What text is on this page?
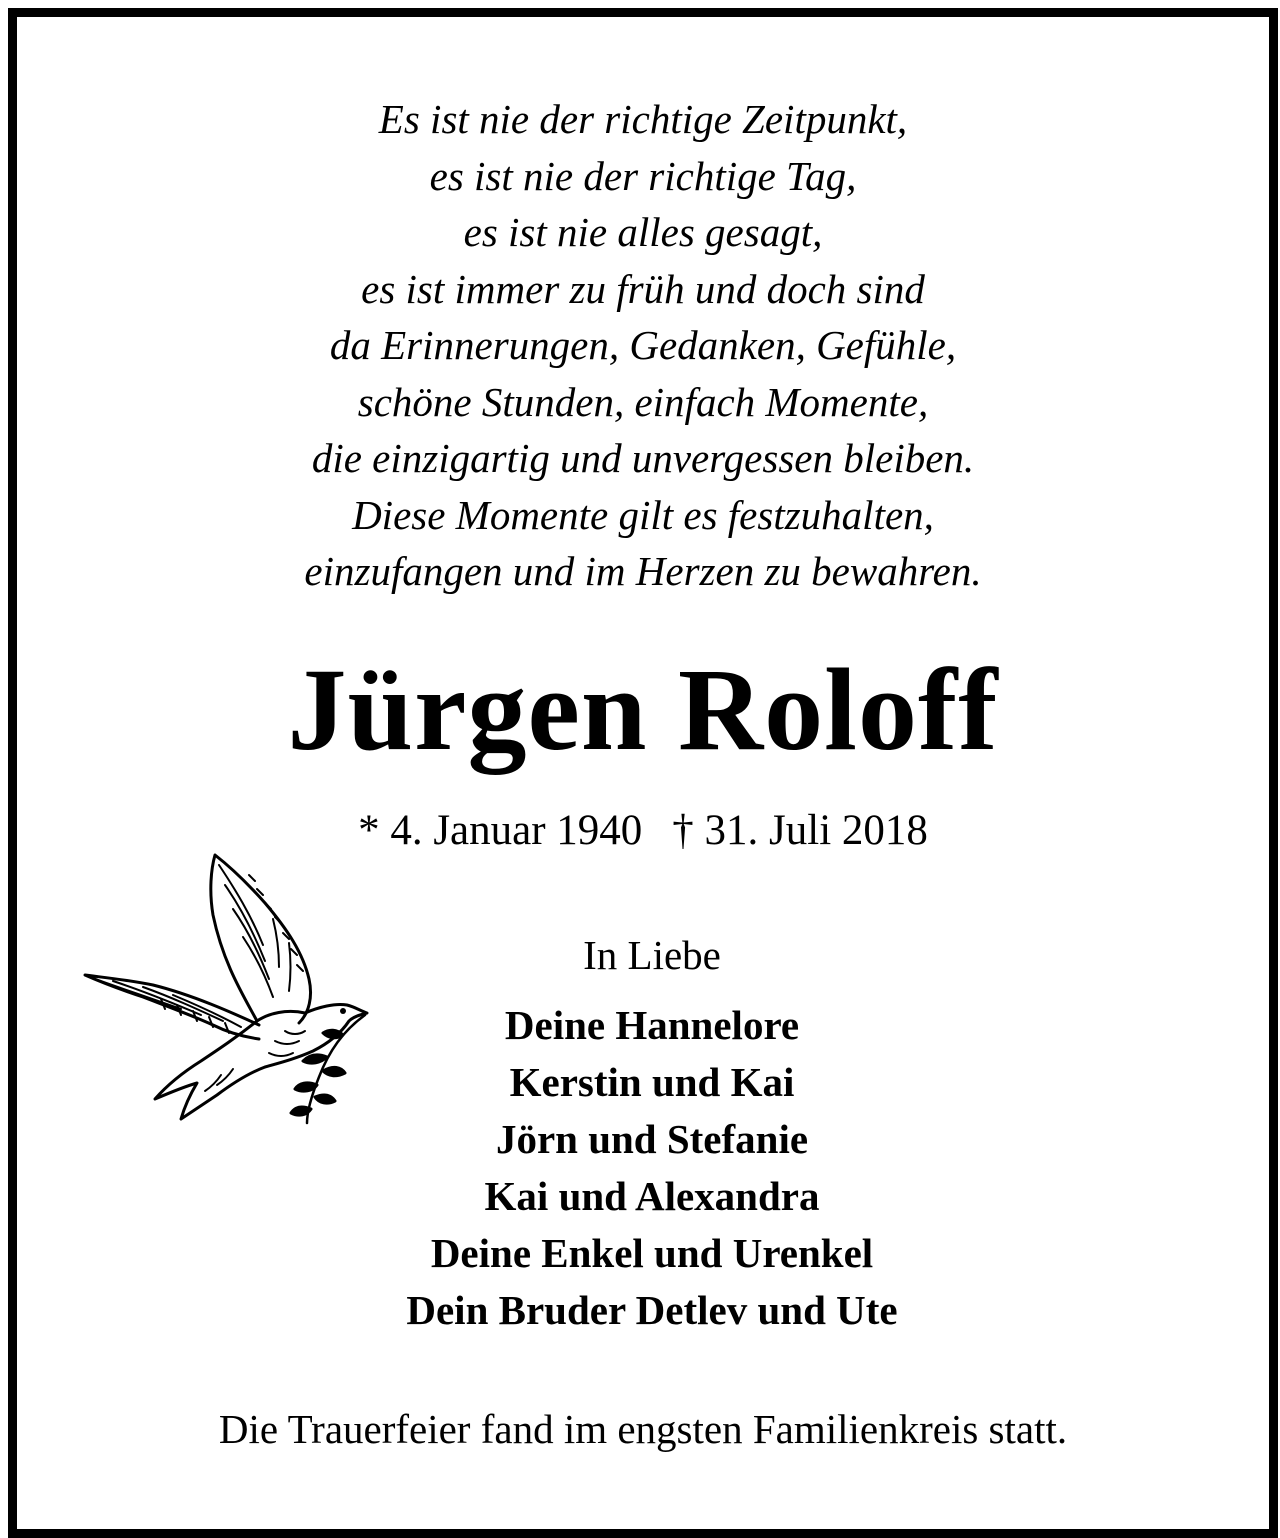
Es ist nie der richtige Zeitpunkt,
es ist nie der richtige Tag,
es ist nie alles gesagt,
es ist immer zu früh und doch sind
da Erinnerungen, Gedanken, Gefühle,
schöne Stunden, einfach Momente,
die einzigartig und unvergessen bleiben.
Diese Momente gilt es festzuhalten,
einzufangen und im Herzen zu bewahren.
Jürgen Roloff
* 4. Januar 1940 † 31. Juli 2018
In Liebe
Deine Hannelore
Kerstin und Kai
Jörn und Stefanie
Kai und Alexandra
Deine Enkel und Urenkel
Dein Bruder Detlev und Ute
Die Trauerfeier fand im engsten Familienkreis statt.
